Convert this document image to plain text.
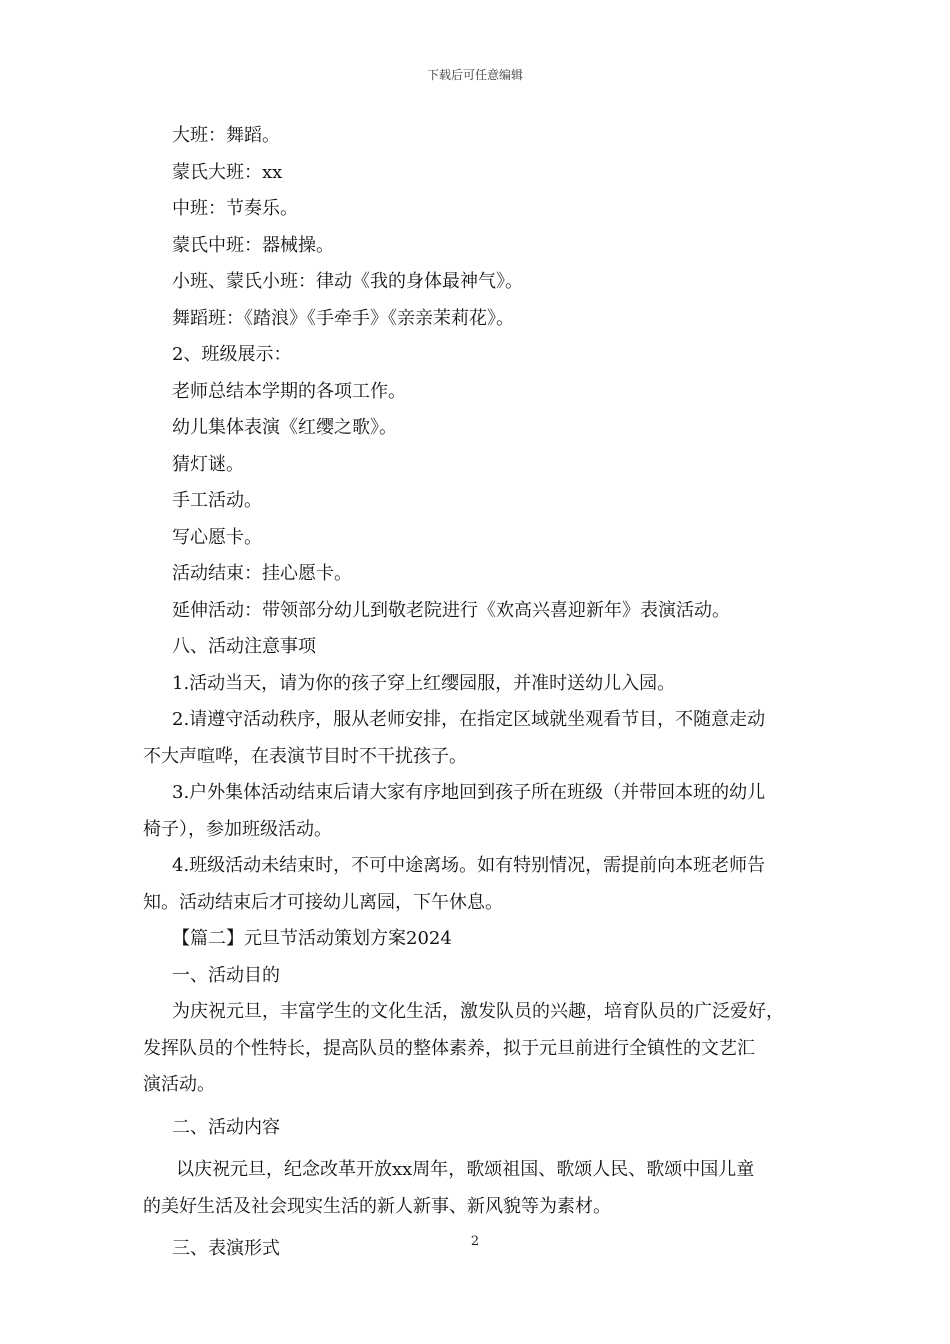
下载后可任意编辑

大班：舞蹈。

蒙氏大班：xx

中班：节奏乐。

蒙氏中班：器械操。

小班、蒙氏小班：律动《我的身体最神气》。

舞蹈班：《踏浪》《手牵手》《亲亲茉莉花》。

2、班级展示：

老师总结本学期的各项工作。

幼儿集体表演《红缨之歌》。

猜灯谜。

手工活动。

写心愿卡。

活动结束：挂心愿卡。

延伸活动：带领部分幼儿到敬老院进行《欢高兴喜迎新年》表演活动。

八、活动注意事项

1.活动当天，请为你的孩子穿上红缨园服，并准时送幼儿入园。

2.请遵守活动秩序，服从老师安排，在指定区域就坐观看节目，不随意走动

不大声喧哗，在表演节目时不干扰孩子。

3.户外集体活动结束后请大家有序地回到孩子所在班级（并带回本班的幼儿

椅子），参加班级活动。

4.班级活动未结束时，不可中途离场。如有特别情况，需提前向本班老师告

知。活动结束后才可接幼儿离园，下午休息。

【篇二】元旦节活动策划方案2024

一、活动目的

为庆祝元旦，丰富学生的文化生活，激发队员的兴趣，培育队员的广泛爱好，

发挥队员的个性特长，提高队员的整体素养，拟于元旦前进行全镇性的文艺汇

演活动。

二、活动内容

以庆祝元旦，纪念改革开放xx周年，歌颂祖国、歌颂人民、歌颂中国儿童

的美好生活及社会现实生活的新人新事、新风貌等为素材。

三、表演形式	2
